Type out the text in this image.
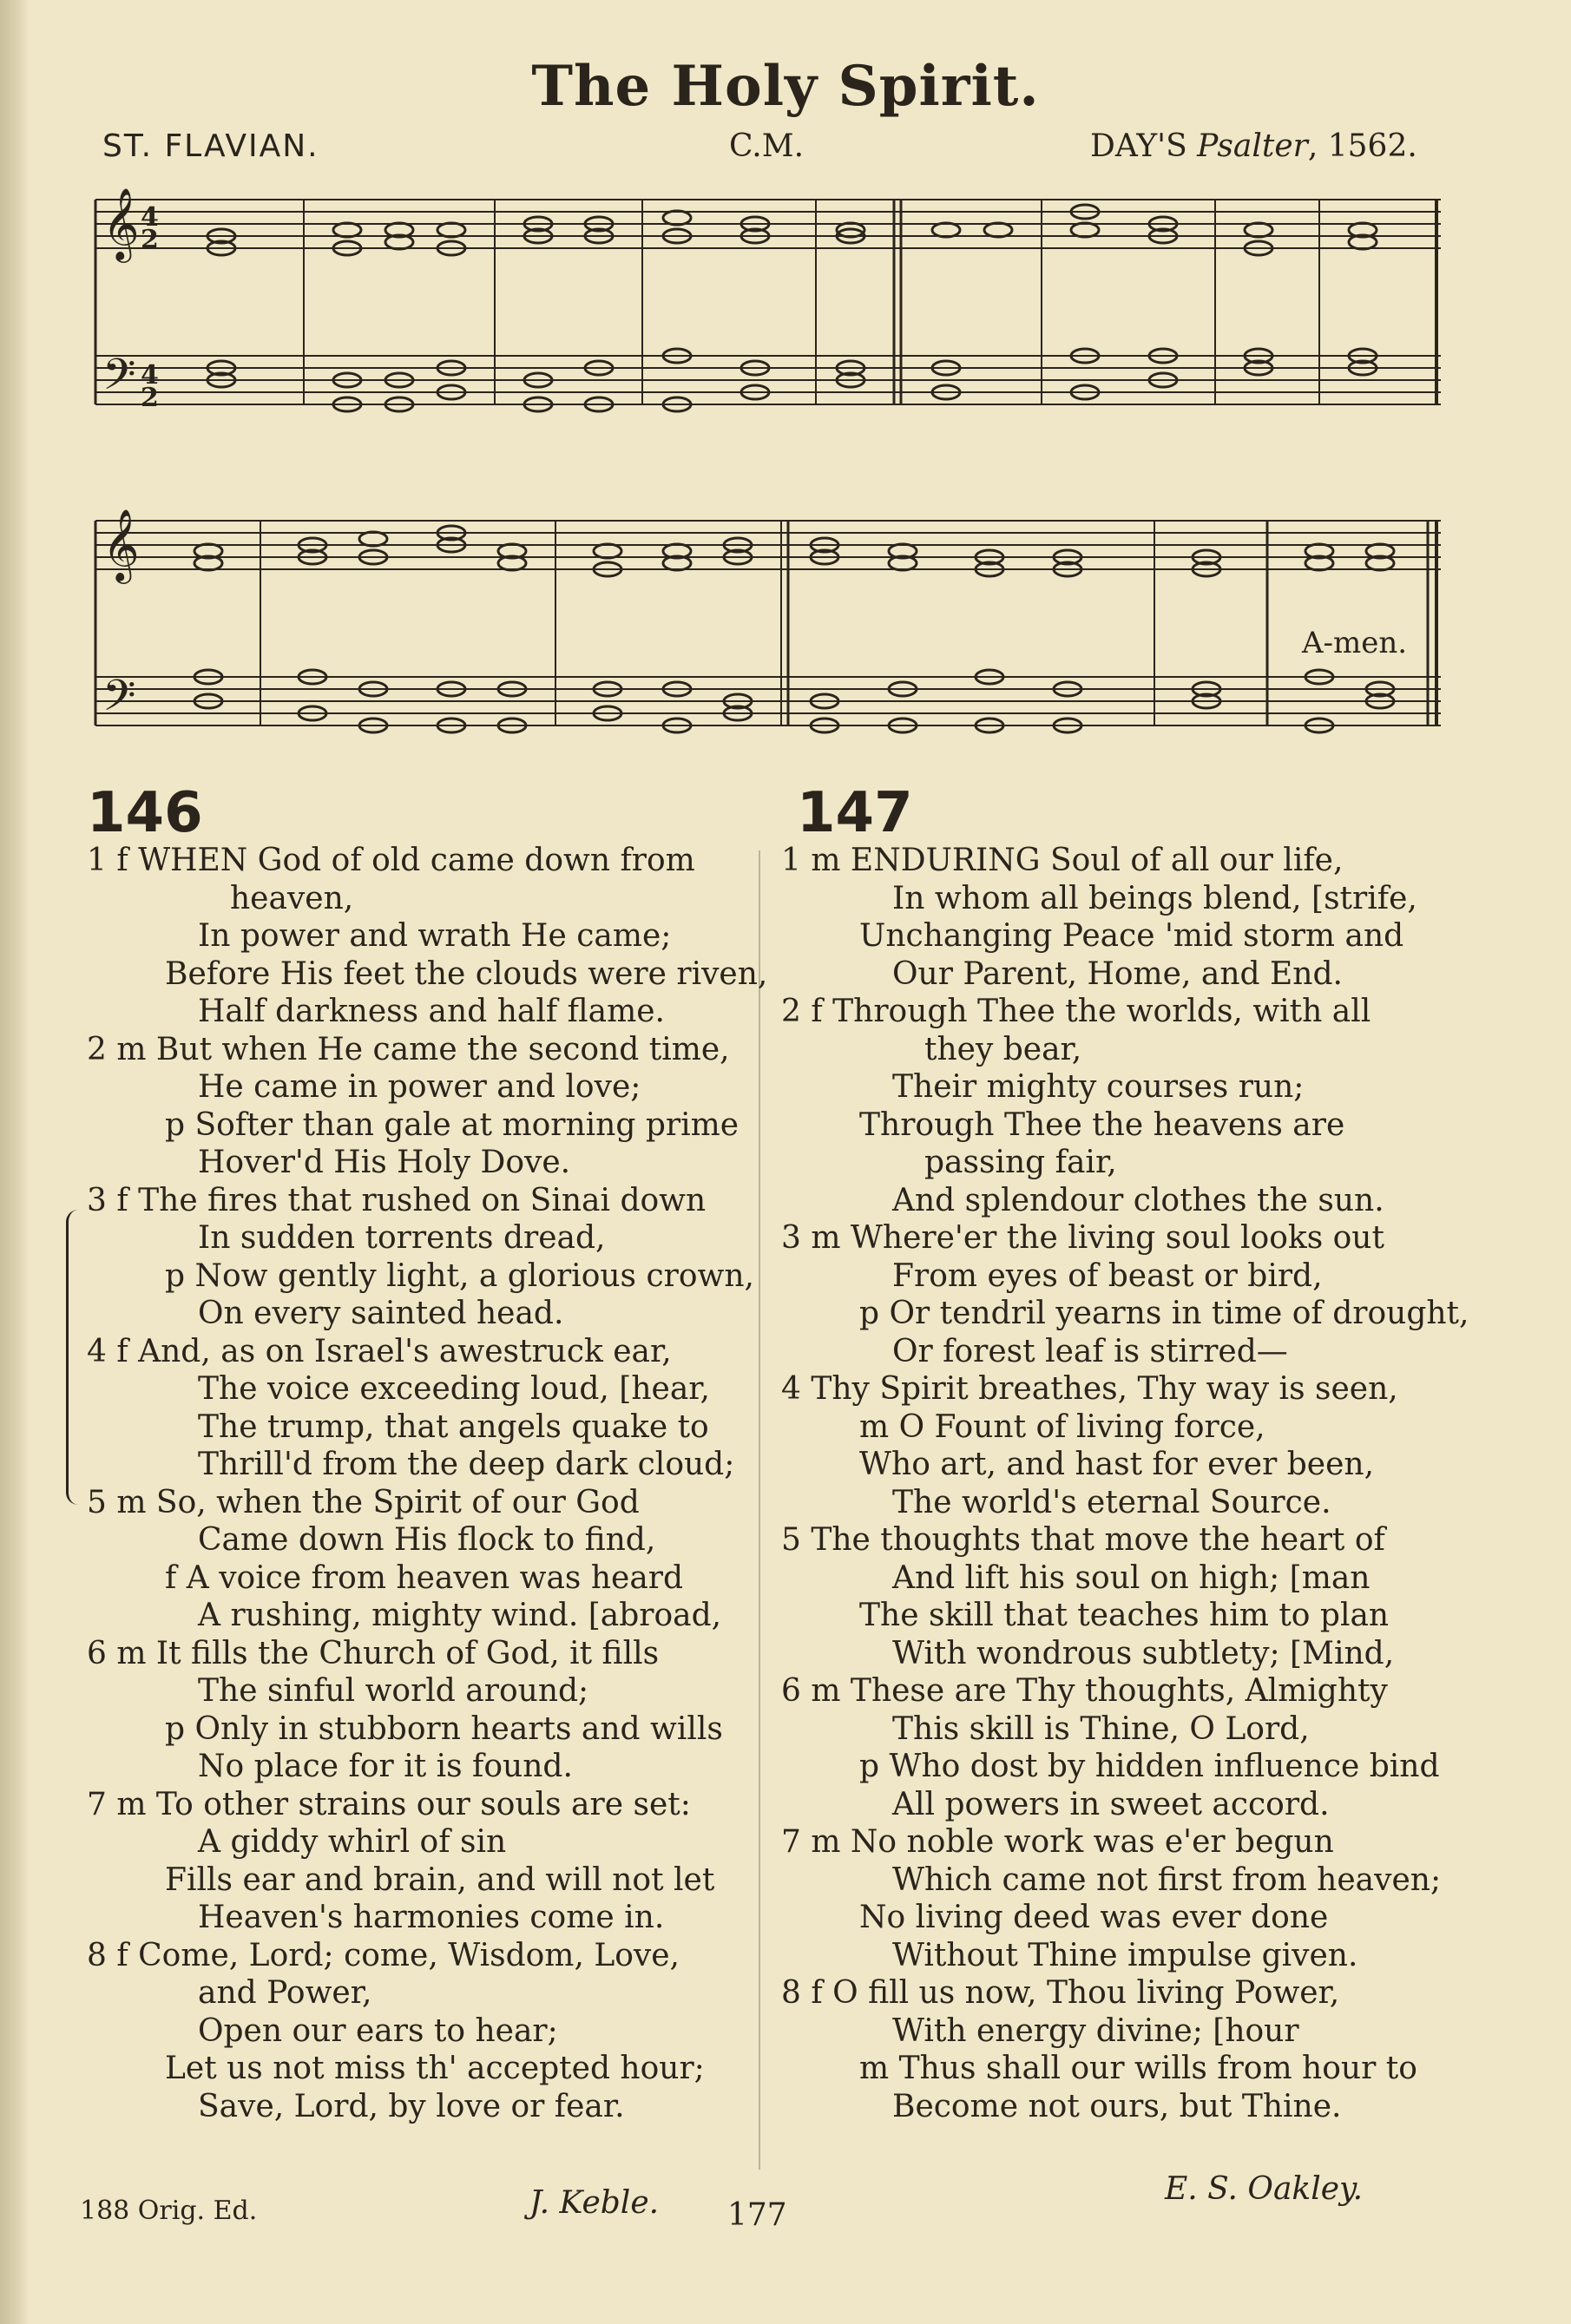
The Holy Spirit.
ST. FLAVIAN.	C.M.	DAY'S Psalter, 1562.
𝄞
𝄢
4
2
4
2
𝄞
𝄢
A-men.
146	147
1 f WHEN God of old came down from
heaven,
In power and wrath He came;
Before His feet the clouds were riven,
Half darkness and half flame.
2 m But when He came the second time,
He came in power and love;
p Softer than gale at morning prime
Hover'd His Holy Dove.
3 f The fires that rushed on Sinai down
In sudden torrents dread,
p Now gently light, a glorious crown,
On every sainted head.
4 f And, as on Israel's awestruck ear,
The voice exceeding loud, [hear,
The trump, that angels quake to
Thrill'd from the deep dark cloud;
5 m So, when the Spirit of our God
Came down His flock to find,
f A voice from heaven was heard
A rushing, mighty wind. [abroad,
6 m It fills the Church of God, it fills
The sinful world around;
p Only in stubborn hearts and wills
No place for it is found.
7 m To other strains our souls are set:
A giddy whirl of sin
Fills ear and brain, and will not let
Heaven's harmonies come in.
8 f Come, Lord; come, Wisdom, Love,
and Power,
Open our ears to hear;
Let us not miss th' accepted hour;
Save, Lord, by love or fear.
1 m ENDURING Soul of all our life,
In whom all beings blend, [strife,
Unchanging Peace 'mid storm and
Our Parent, Home, and End.
2 f Through Thee the worlds, with all
they bear,
Their mighty courses run;
Through Thee the heavens are
passing fair,
And splendour clothes the sun.
3 m Where'er the living soul looks out
From eyes of beast or bird,
p Or tendril yearns in time of drought,
Or forest leaf is stirred—
4 Thy Spirit breathes, Thy way is seen,
m O Fount of living force,
Who art, and hast for ever been,
The world's eternal Source.
5 The thoughts that move the heart of
And lift his soul on high; [man
The skill that teaches him to plan
With wondrous subtlety; [Mind,
6 m These are Thy thoughts, Almighty
This skill is Thine, O Lord,
p Who dost by hidden influence bind
All powers in sweet accord.
7 m No noble work was e'er begun
Which came not first from heaven;
No living deed was ever done
Without Thine impulse given.
8 f O fill us now, Thou living Power,
With energy divine; [hour
m Thus shall our wills from hour to
Become not ours, but Thine.
188 Orig. Ed.	J. Keble. 177
E. S. Oakley.
